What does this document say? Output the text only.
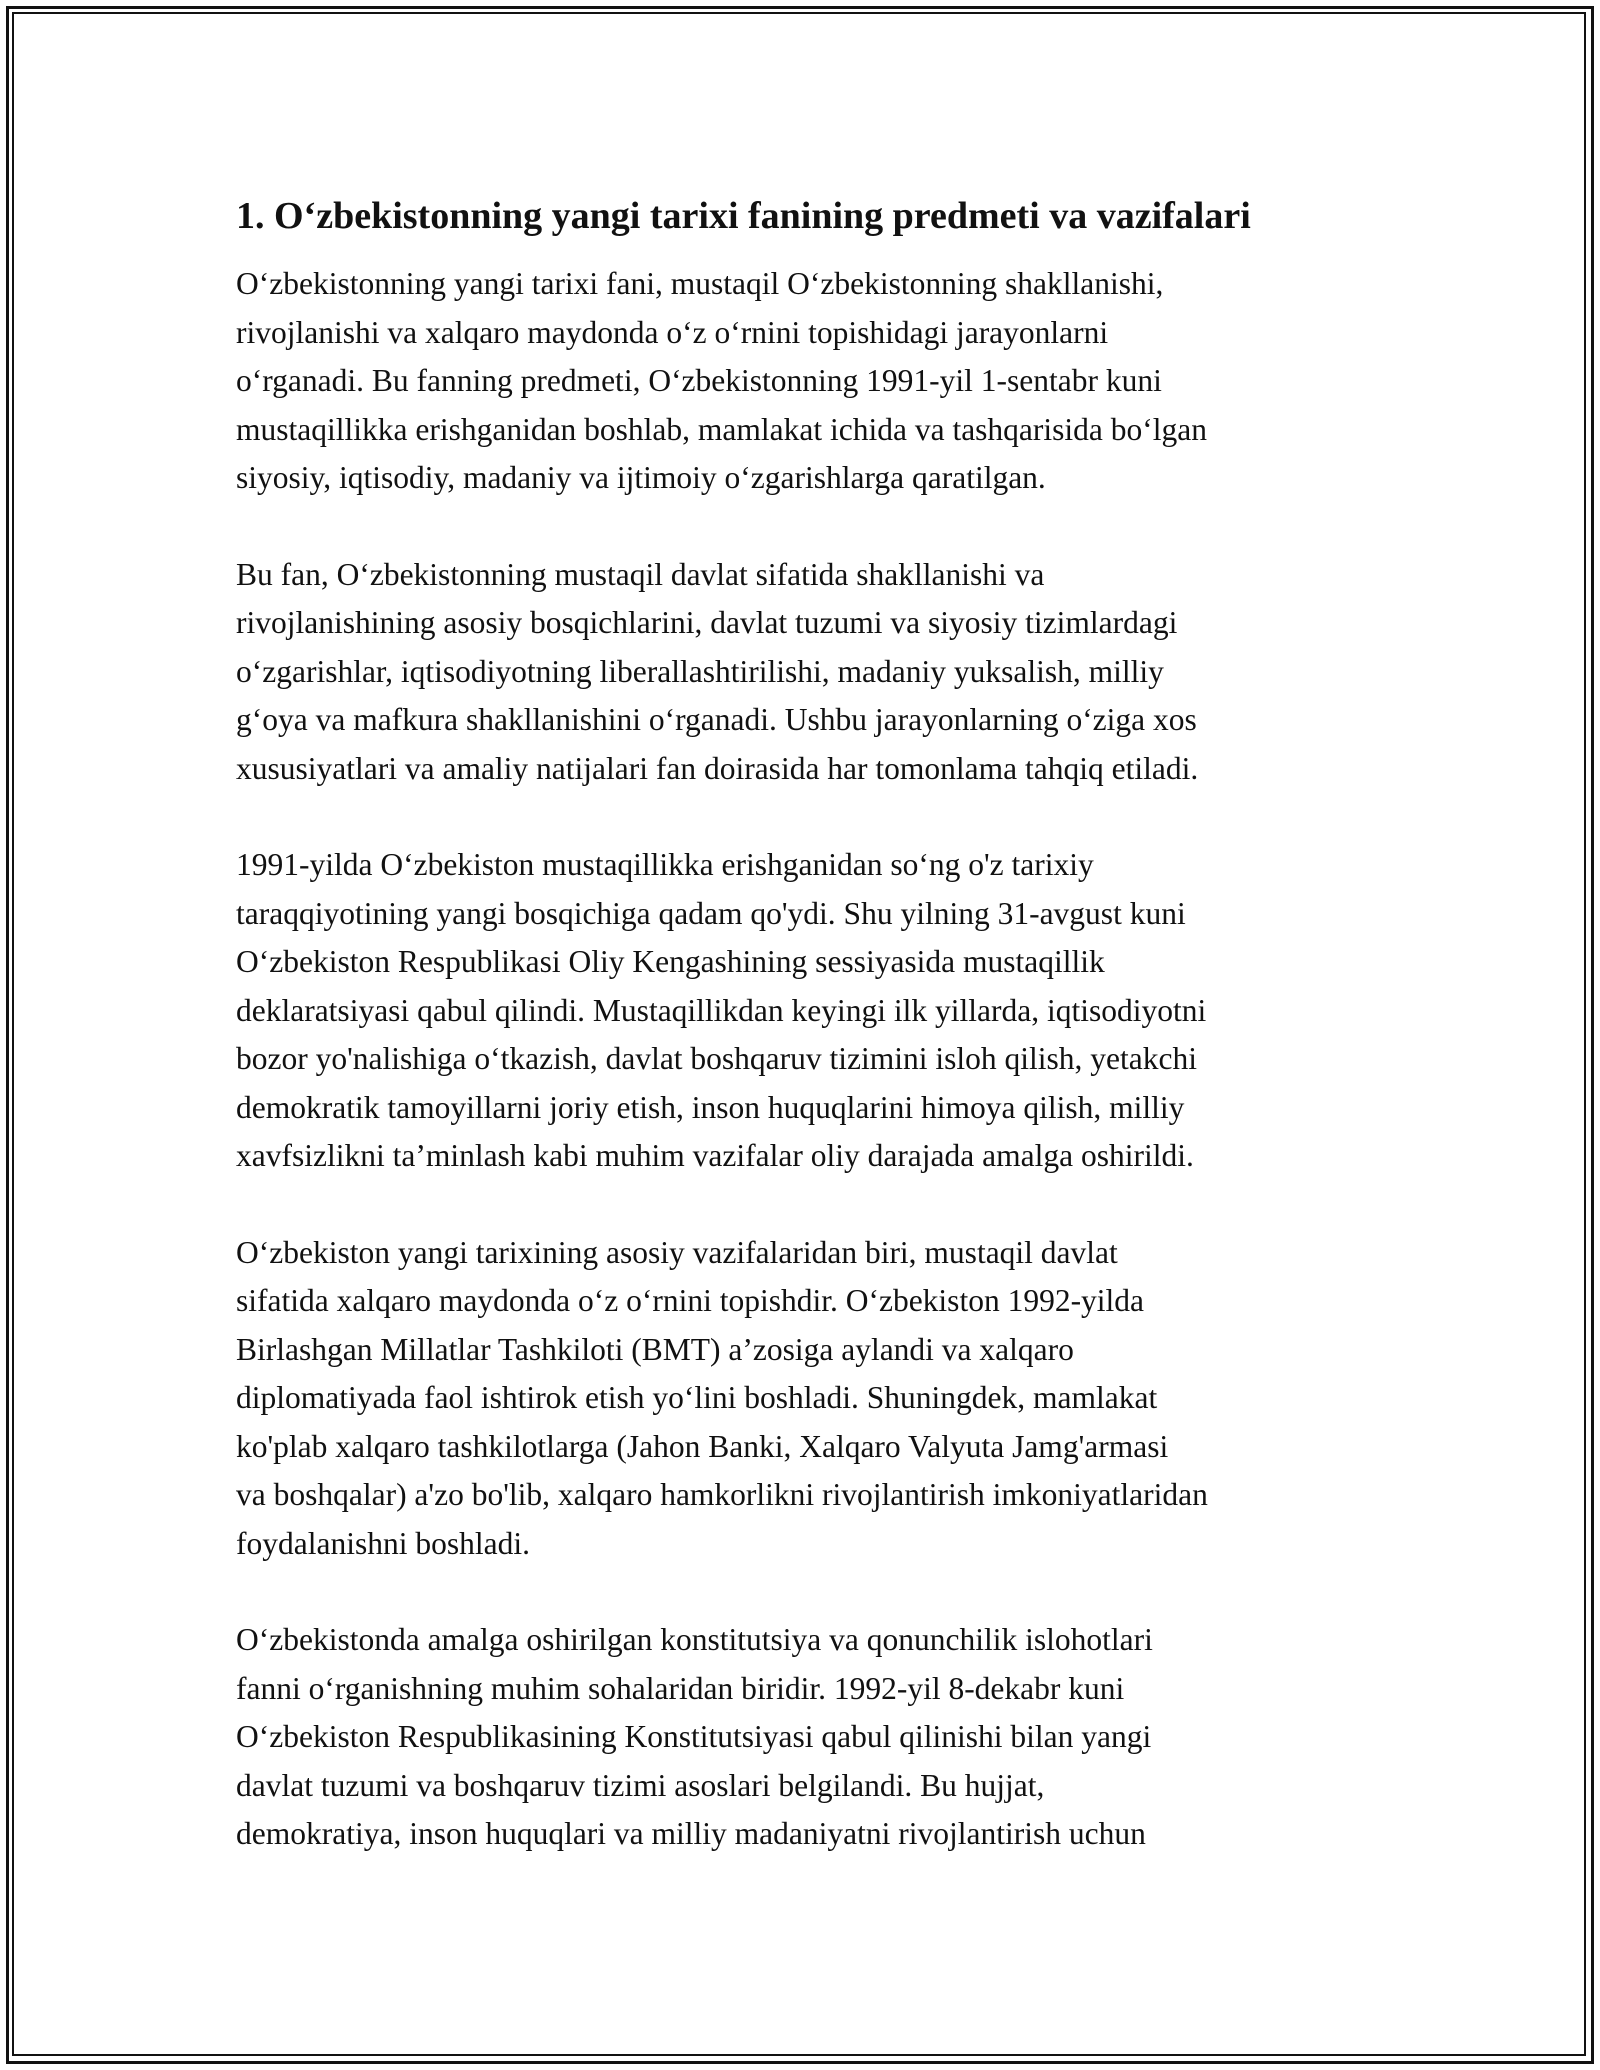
1. O‘zbekistonning yangi tarixi fanining predmeti va vazifalari

O‘zbekistonning yangi tarixi fani, mustaqil O‘zbekistonning shakllanishi,
rivojlanishi va xalqaro maydonda o‘z o‘rnini topishidagi jarayonlarni
o‘rganadi. Bu fanning predmeti, O‘zbekistonning 1991-yil 1-sentabr kuni
mustaqillikka erishganidan boshlab, mamlakat ichida va tashqarisida bo‘lgan
siyosiy, iqtisodiy, madaniy va ijtimoiy o‘zgarishlarga qaratilgan.

Bu fan, O‘zbekistonning mustaqil davlat sifatida shakllanishi va
rivojlanishining asosiy bosqichlarini, davlat tuzumi va siyosiy tizimlardagi
o‘zgarishlar, iqtisodiyotning liberallashtirilishi, madaniy yuksalish, milliy
g‘oya va mafkura shakllanishini o‘rganadi. Ushbu jarayonlarning o‘ziga xos
xususiyatlari va amaliy natijalari fan doirasida har tomonlama tahqiq etiladi.

1991-yilda O‘zbekiston mustaqillikka erishganidan so‘ng o'z tarixiy
taraqqiyotining yangi bosqichiga qadam qo'ydi. Shu yilning 31-avgust kuni
O‘zbekiston Respublikasi Oliy Kengashining sessiyasida mustaqillik
deklaratsiyasi qabul qilindi. Mustaqillikdan keyingi ilk yillarda, iqtisodiyotni
bozor yo'nalishiga o‘tkazish, davlat boshqaruv tizimini isloh qilish, yetakchi
demokratik tamoyillarni joriy etish, inson huquqlarini himoya qilish, milliy
xavfsizlikni ta’minlash kabi muhim vazifalar oliy darajada amalga oshirildi.

O‘zbekiston yangi tarixining asosiy vazifalaridan biri, mustaqil davlat
sifatida xalqaro maydonda o‘z o‘rnini topishdir. O‘zbekiston 1992-yilda
Birlashgan Millatlar Tashkiloti (BMT) a’zosiga aylandi va xalqaro
diplomatiyada faol ishtirok etish yo‘lini boshladi. Shuningdek, mamlakat
ko'plab xalqaro tashkilotlarga (Jahon Banki, Xalqaro Valyuta Jamg'armasi
va boshqalar) a'zo bo'lib, xalqaro hamkorlikni rivojlantirish imkoniyatlaridan
foydalanishni boshladi.

O‘zbekistonda amalga oshirilgan konstitutsiya va qonunchilik islohotlari
fanni o‘rganishning muhim sohalaridan biridir. 1992-yil 8-dekabr kuni
O‘zbekiston Respublikasining Konstitutsiyasi qabul qilinishi bilan yangi
davlat tuzumi va boshqaruv tizimi asoslari belgilandi. Bu hujjat,
demokratiya, inson huquqlari va milliy madaniyatni rivojlantirish uchun
